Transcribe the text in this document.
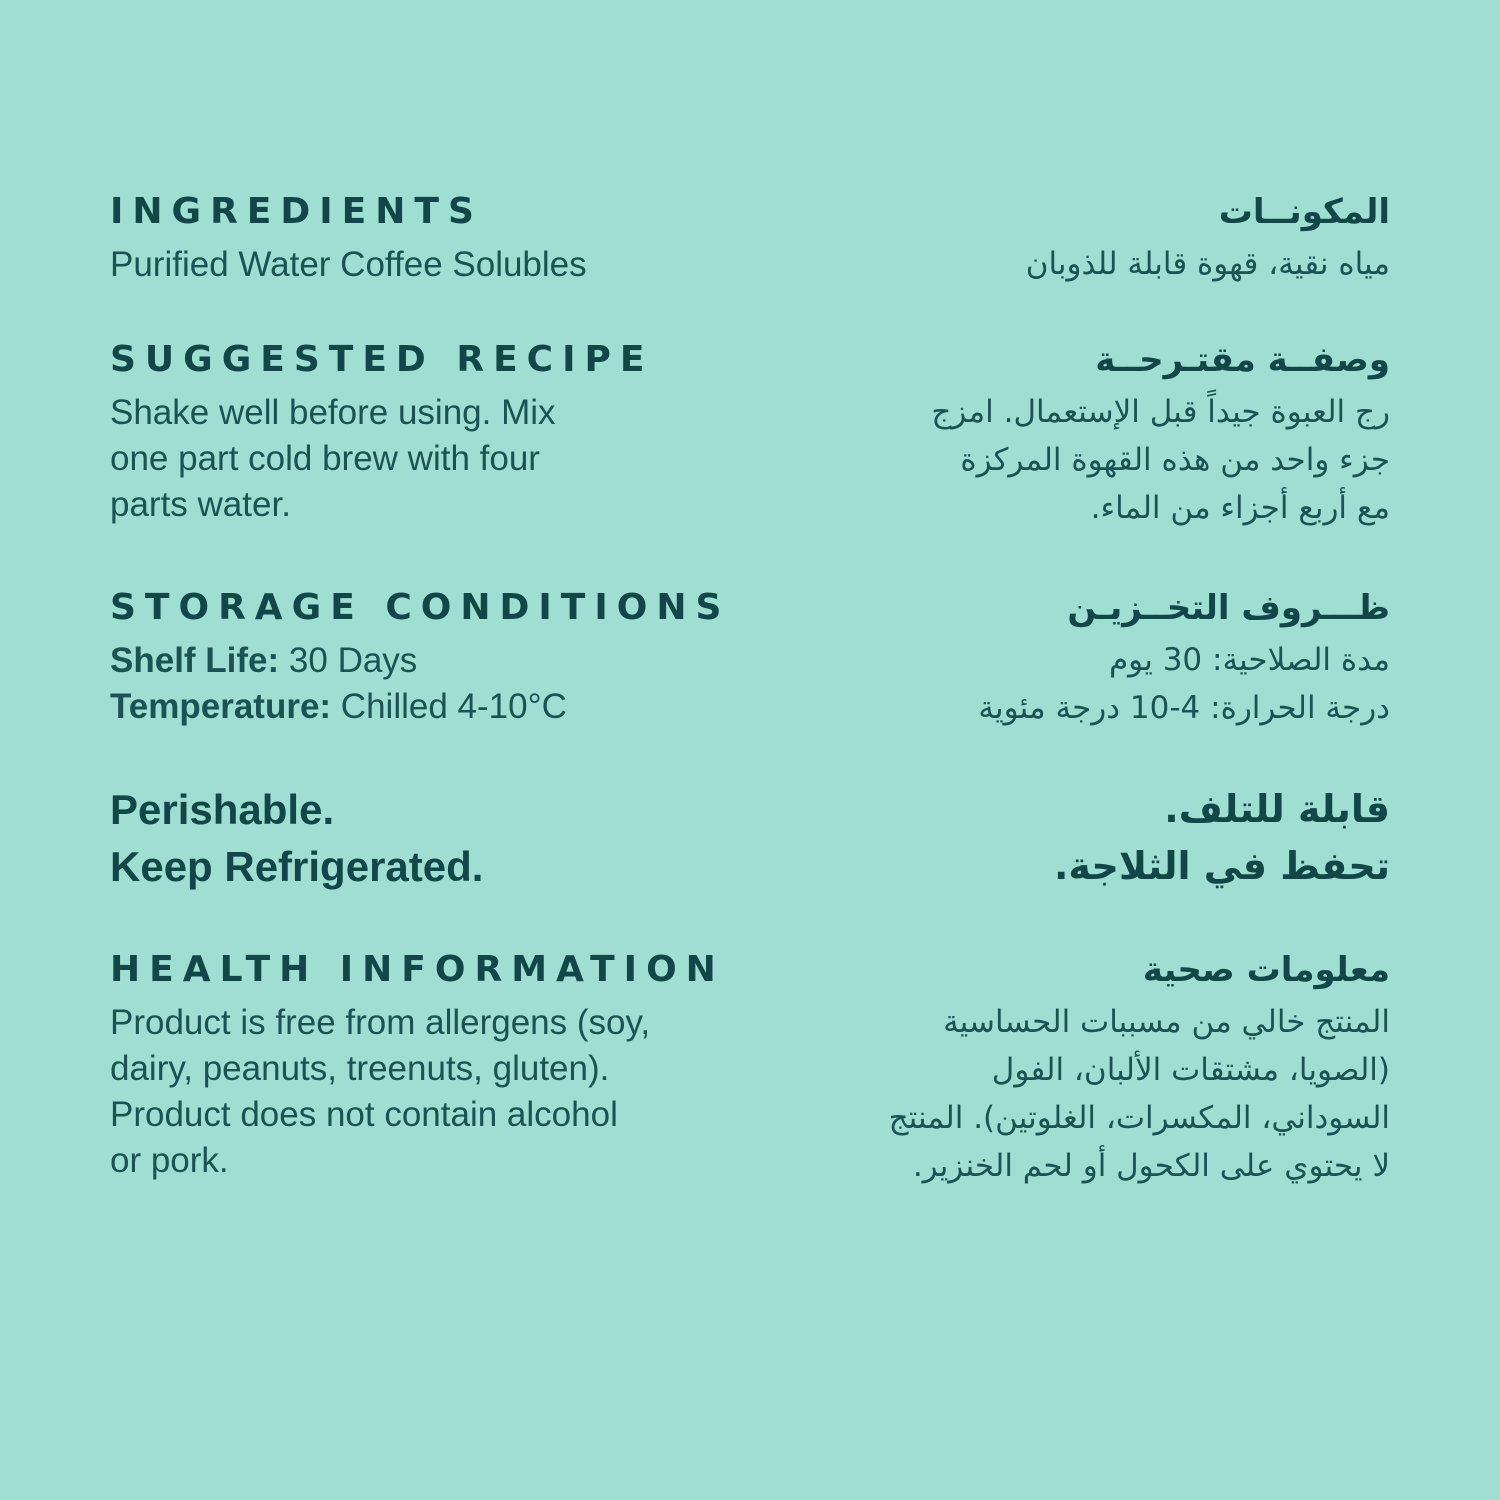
INGREDIENTS

Purified Water Coffee Solubles

SUGGESTED RECIPE

Shake well before using. Mix
one part cold brew with four
parts water.

STORAGE CONDITIONS

Shelf Life: 30 Days
Temperature: Chilled 4-10°C

Perishable.
Keep Refrigerated.

HEALTH INFORMATION

Product is free from allergens (soy,
dairy, peanuts, treenuts, gluten).
Product does not contain alcohol
or pork.

المكونــات

مياه نقية، قهوة قابلة للذوبان

وصفــة مقتـرحــة

رج العبوة جيداً قبل الإستعمال. امزج
جزء واحد من هذه القهوة المركزة
مع أربع أجزاء من الماء.

ظـــروف التخــزيـن

مدة الصلاحية: 30 يوم
درجة الحرارة: 4-10 درجة مئوية

قابلة للتلف.
تحفظ في الثلاجة.

معلومات صحية

المنتج خالي من مسببات الحساسية
(الصويا، مشتقات الألبان، الفول
السوداني، المكسرات، الغلوتين). المنتج
لا يحتوي على الكحول أو لحم الخنزير.
